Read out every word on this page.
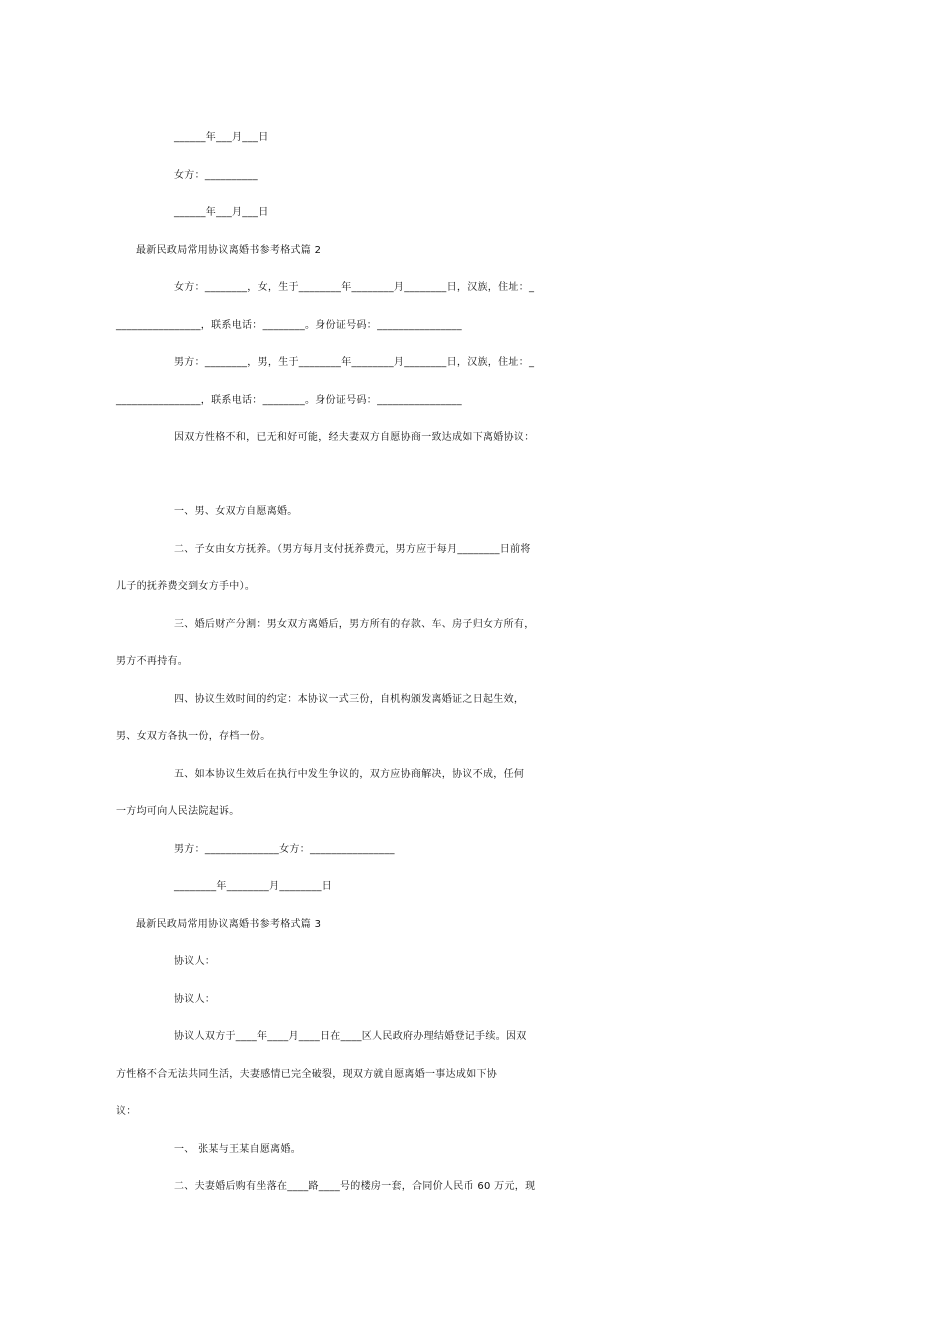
______年___月___日
女方：__________
______年___月___日
最新民政局常用协议离婚书参考格式篇 2
女方：________，女，生于________年________月________日，汉族，住址：_
________________，联系电话：________。身份证号码：________________
男方：________，男，生于________年________月________日，汉族，住址：_
________________，联系电话：________。身份证号码：________________
因双方性格不和，已无和好可能，经夫妻双方自愿协商一致达成如下离婚协议：
一、男、女双方自愿离婚。
二、子女由女方抚养。（男方每月支付抚养费元，男方应于每月________日前将
儿子的抚养费交到女方手中）。
三、婚后财产分割：男女双方离婚后，男方所有的存款、车、房子归女方所有，
男方不再持有。
四、协议生效时间的约定：本协议一式三份，自机构颁发离婚证之日起生效，
男、女双方各执一份，存档一份。
五、如本协议生效后在执行中发生争议的，双方应协商解决，协议不成，任何
一方均可向人民法院起诉。
男方：______________女方：________________
________年________月________日
最新民政局常用协议离婚书参考格式篇 3
协议人：
协议人：
协议人双方于____年____月____日在____区人民政府办理结婚登记手续。因双
方性格不合无法共同生活，夫妻感情已完全破裂，现双方就自愿离婚一事达成如下协
议：
一、 张某与王某自愿离婚。
二、夫妻婚后购有坐落在____路____号的楼房一套，合同价人民币 60 万元，现
